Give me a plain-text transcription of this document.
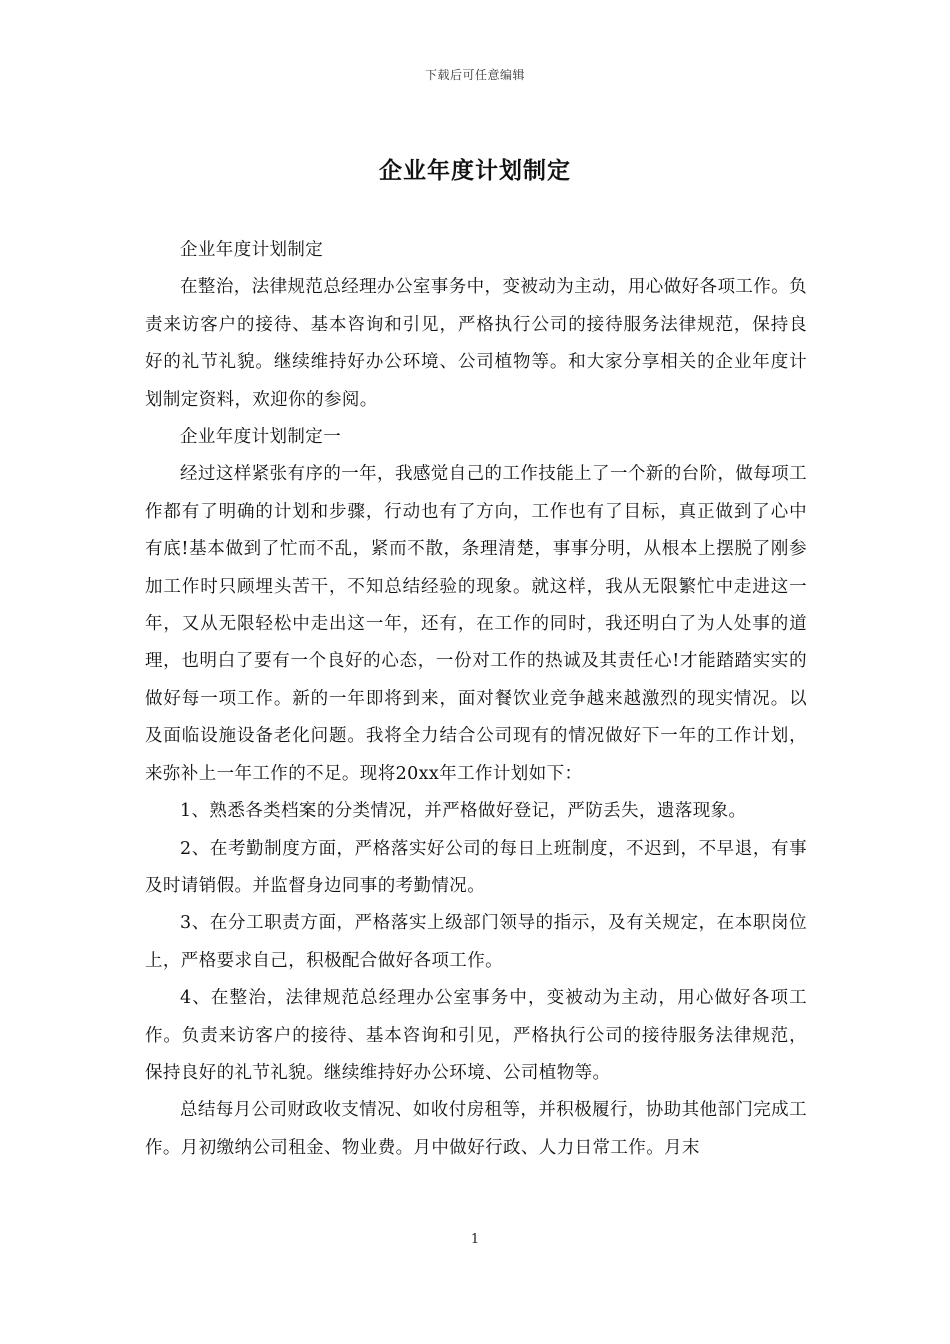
下载后可任意编辑
企业年度计划制定

企业年度计划制定

在整治，法律规范总经理办公室事务中，变被动为主动，用心做好各项工作。负责来访客户的接待、基本咨询和引见，严格执行公司的接待服务法律规范，保持良好的礼节礼貌。继续维持好办公环境、公司植物等。和大家分享相关的企业年度计划制定资料，欢迎你的参阅。

企业年度计划制定一

经过这样紧张有序的一年，我感觉自己的工作技能上了一个新的台阶，做每项工作都有了明确的计划和步骤，行动也有了方向，工作也有了目标，真正做到了心中有底!基本做到了忙而不乱，紧而不散，条理清楚，事事分明，从根本上摆脱了刚参加工作时只顾埋头苦干，不知总结经验的现象。就这样，我从无限繁忙中走进这一年，又从无限轻松中走出这一年，还有，在工作的同时，我还明白了为人处事的道理，也明白了要有一个良好的心态，一份对工作的热诚及其责任心!才能踏踏实实的做好每一项工作。新的一年即将到来，面对餐饮业竞争越来越激烈的现实情况。以及面临设施设备老化问题。我将全力结合公司现有的情况做好下一年的工作计划，来弥补上一年工作的不足。现将20xx年工作计划如下：

1、熟悉各类档案的分类情况，并严格做好登记，严防丢失，遗落现象。

2、在考勤制度方面，严格落实好公司的每日上班制度，不迟到，不早退，有事及时请销假。并监督身边同事的考勤情况。

3、在分工职责方面，严格落实上级部门领导的指示，及有关规定，在本职岗位上，严格要求自己，积极配合做好各项工作。

4、在整治，法律规范总经理办公室事务中，变被动为主动，用心做好各项工作。负责来访客户的接待、基本咨询和引见，严格执行公司的接待服务法律规范，保持良好的礼节礼貌。继续维持好办公环境、公司植物等。

总结每月公司财政收支情况、如收付房租等，并积极履行，协助其他部门完成工作。月初缴纳公司租金、物业费。月中做好行政、人力日常工作。月末

1
